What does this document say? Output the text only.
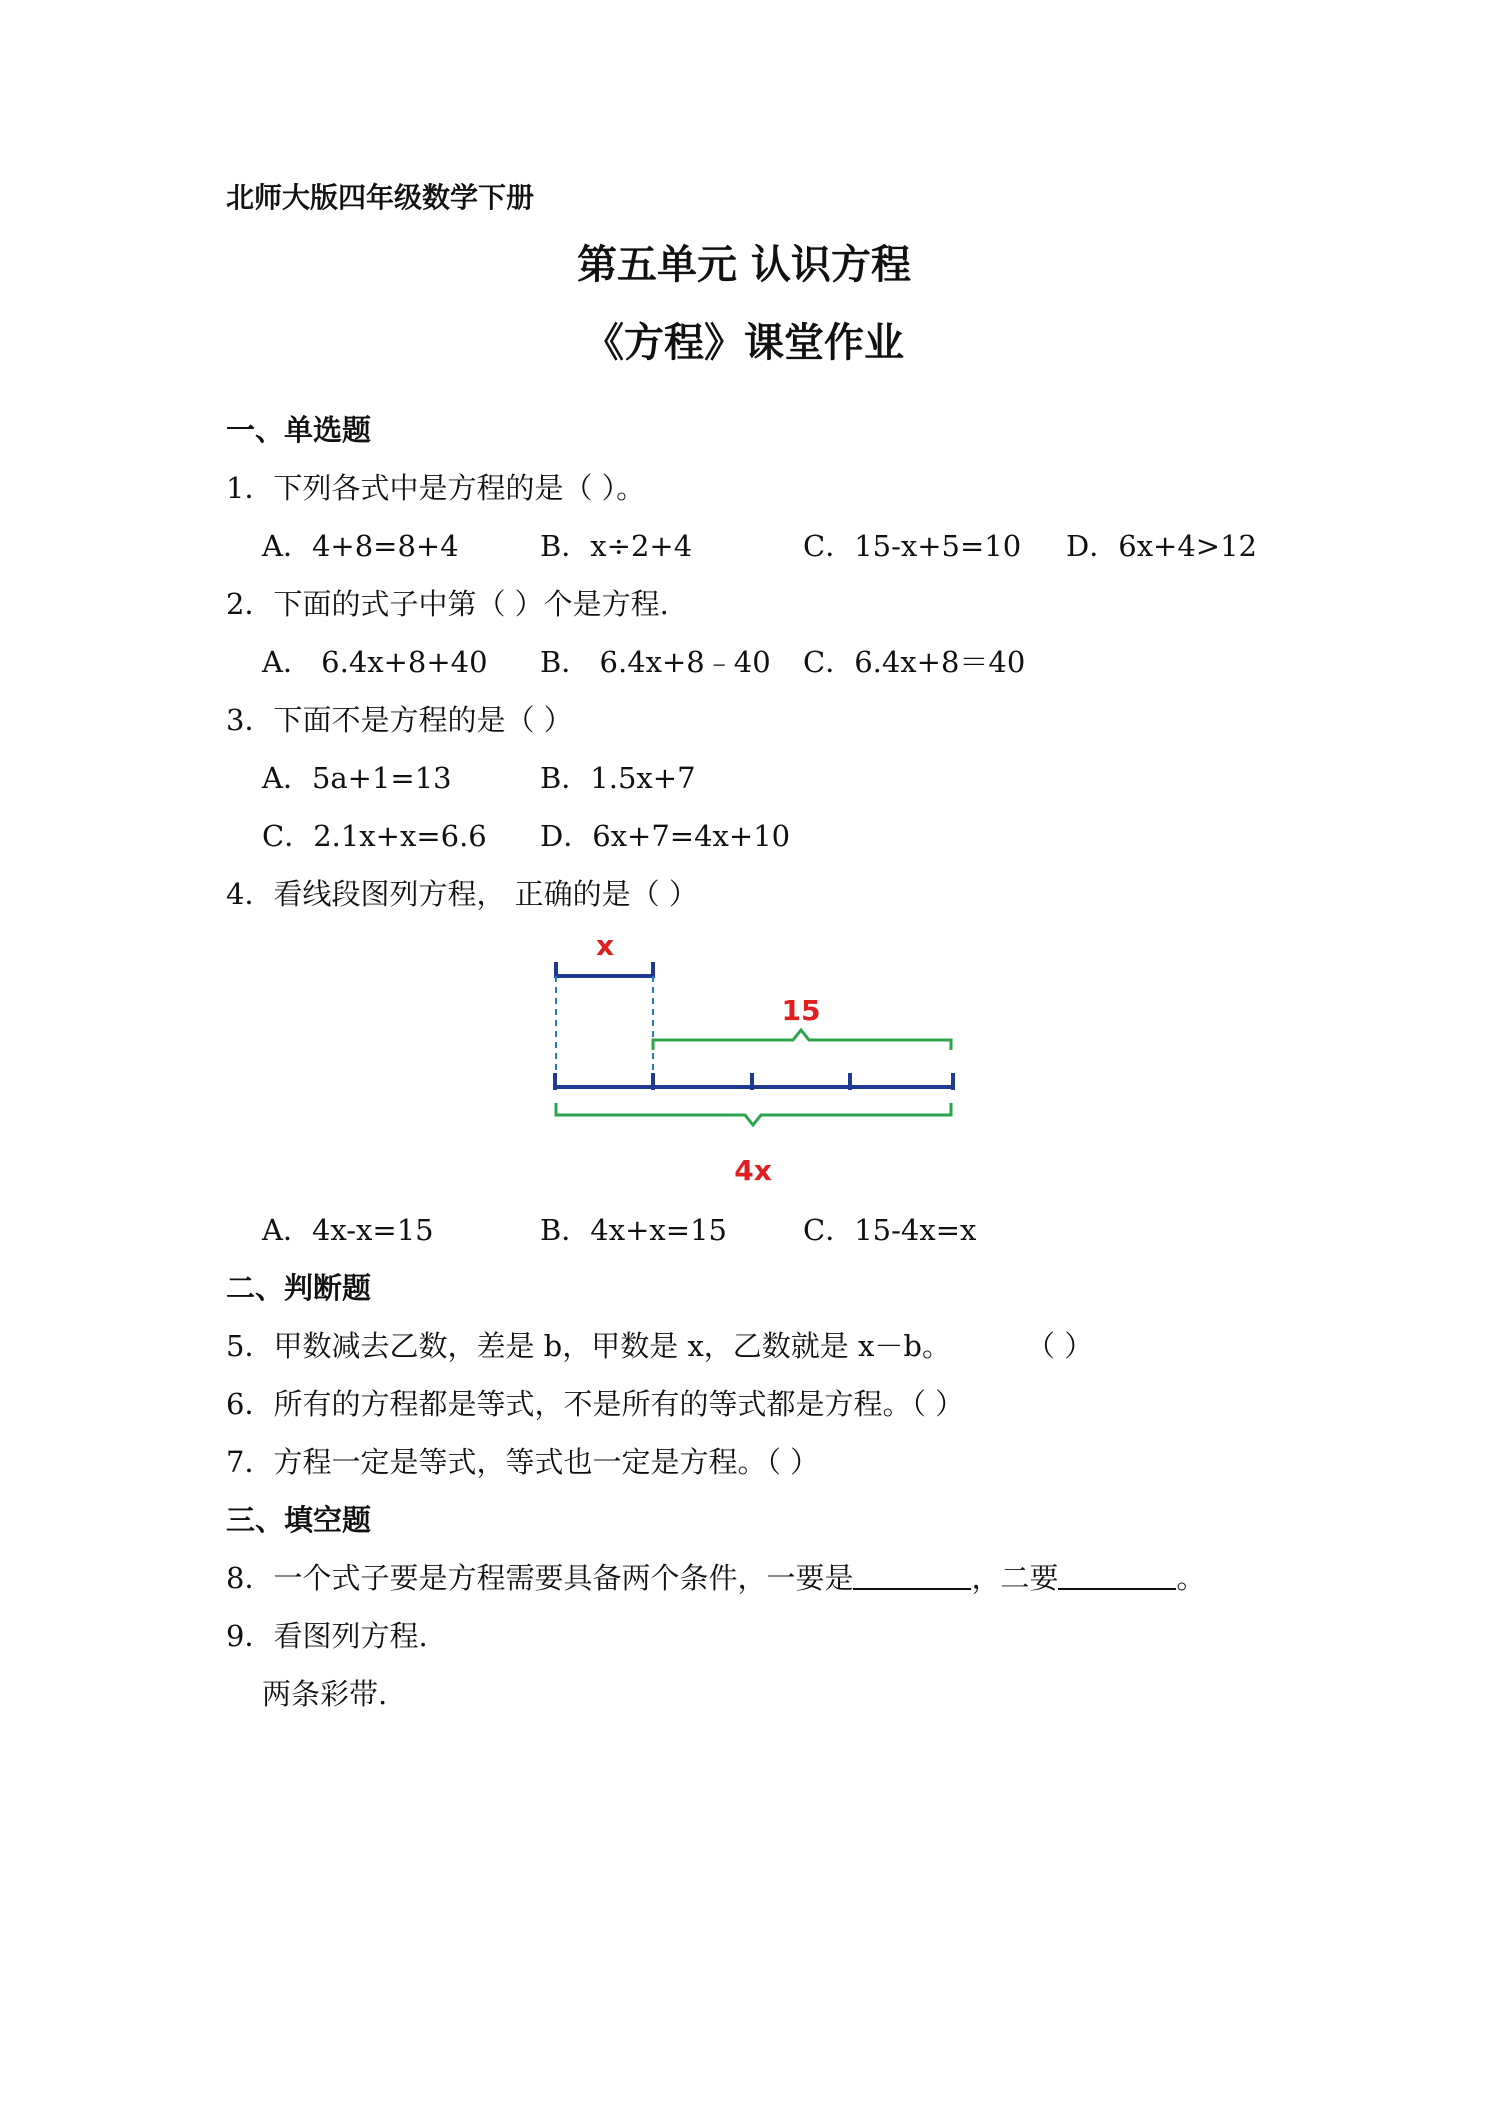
北师大版四年级数学下册
第五单元 认识方程
《方程》课堂作业
一、单选题
1．下列各式中是方程的是（ ）。
A．4+8=8+4	B．x÷2+4	C．15-x+5=10 D．6x+4>12
2．下面的式子中第（ ）个是方程.
A． 6.4x+8+40 B． 6.4x+8﹣40 C．6.4x+8＝40
3．下面不是方程的是（ ）
A．5a+1=13	B．1.5x+7
C．2.1x+x=6.6 D．6x+7=4x+10
4．看线段图列方程， 正确的是（ ）
x
15
4x
A．4x-x=15	B．4x+x=15	C．15-4x=x
二、判断题
5．甲数减去乙数，差是 b，甲数是 x，乙数就是 x－b。	（ ）
6．所有的方程都是等式，不是所有的等式都是方程。（ ）
7．方程一定是等式，等式也一定是方程。（ ）
三、填空题
8．一个式子要是方程需要具备两个条件，一要是	，二要	。
9．看图列方程.
两条彩带.
